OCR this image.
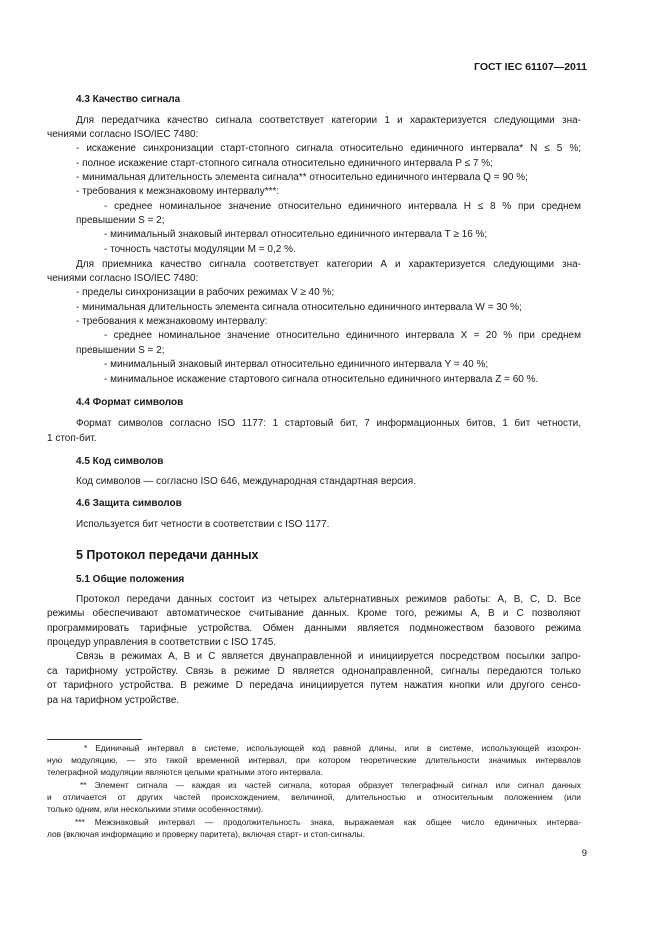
ГОСТ IEC 61107—2011
4.3 Качество сигнала
Для передатчика качество сигнала соответствует категории 1 и характеризуется следующими зна-
чениями согласно ISO/IEC 7480:
- искажение синхронизации старт-стопного сигнала относительно единичного интервала* N ≤ 5 %;
- полное искажение старт-стопного сигнала относительно единичного интервала P ≤ 7 %;
- минимальная длительность элемента сигнала** относительно единичного интервала Q = 90 %;
- требования к межзнаковому интервалу***:
- среднее номинальное значение относительно единичного интервала H ≤ 8 % при среднем
превышении S = 2;
- минимальный знаковый интервал относительно единичного интервала T ≥ 16 %;
- точность частоты модуляции M = 0,2 %.
Для приемника качество сигнала соответствует категории А и характеризуется следующими зна-
чениями согласно ISO/IEC 7480:
- пределы синхронизации в рабочих режимах V ≥ 40 %;
- минимальная длительность элемента сигнала относительно единичного интервала W = 30 %;
- требования к межзнаковому интервалу:
- среднее номинальное значение относительно единичного интервала X = 20 % при среднем
превышении S = 2;
- минимальный знаковый интервал относительно единичного интервала Y = 40 %;
- минимальное искажение стартового сигнала относительно единичного интервала Z = 60 %.
4.4 Формат символов
Формат символов согласно ISO 1177: 1 стартовый бит, 7 информационных битов, 1 бит четности,
1 стоп-бит.
4.5 Код символов
Код символов — согласно ISO 646, международная стандартная версия.
4.6 Защита символов
Используется бит четности в соответствии с ISO 1177.
5 Протокол передачи данных
5.1 Общие положения
Протокол передачи данных состоит из четырех альтернативных режимов работы: A, B, C, D. Все
режимы обеспечивают автоматическое считывание данных. Кроме того, режимы А, В и С позволяют
программировать тарифные устройства. Обмен данными является подмножеством базового режима
процедур управления в соответствии с ISO 1745.
Связь в режимах А, В и С является двунаправленной и инициируется посредством посылки запро-
са тарифному устройству. Связь в режиме D является однонаправленной, сигналы передаются только
от тарифного устройства. В режиме D передача инициируется путем нажатия кнопки или другого сенсо-
ра на тарифном устройстве.
* Единичный интервал в системе, использующей код равной длины, или в системе, использующей изохрон-
ную модуляцию, — это такой временной интервал, при котором теоретические длительности значимых интервалов
телеграфной модуляции являются целыми кратными этого интервала.
** Элемент сигнала — каждая из частей сигнала, которая образует телеграфный сигнал или сигнал данных
и отличается от других частей происхождением, величиной, длительностью и относительным положением (или
только одним, или несколькими этими особенностями).
*** Межзнаковый интервал — продолжительность знака, выражаемая как общее число единичных интерва-
лов (включая информацию и проверку паритета), включая старт- и стоп-сигналы.
9
